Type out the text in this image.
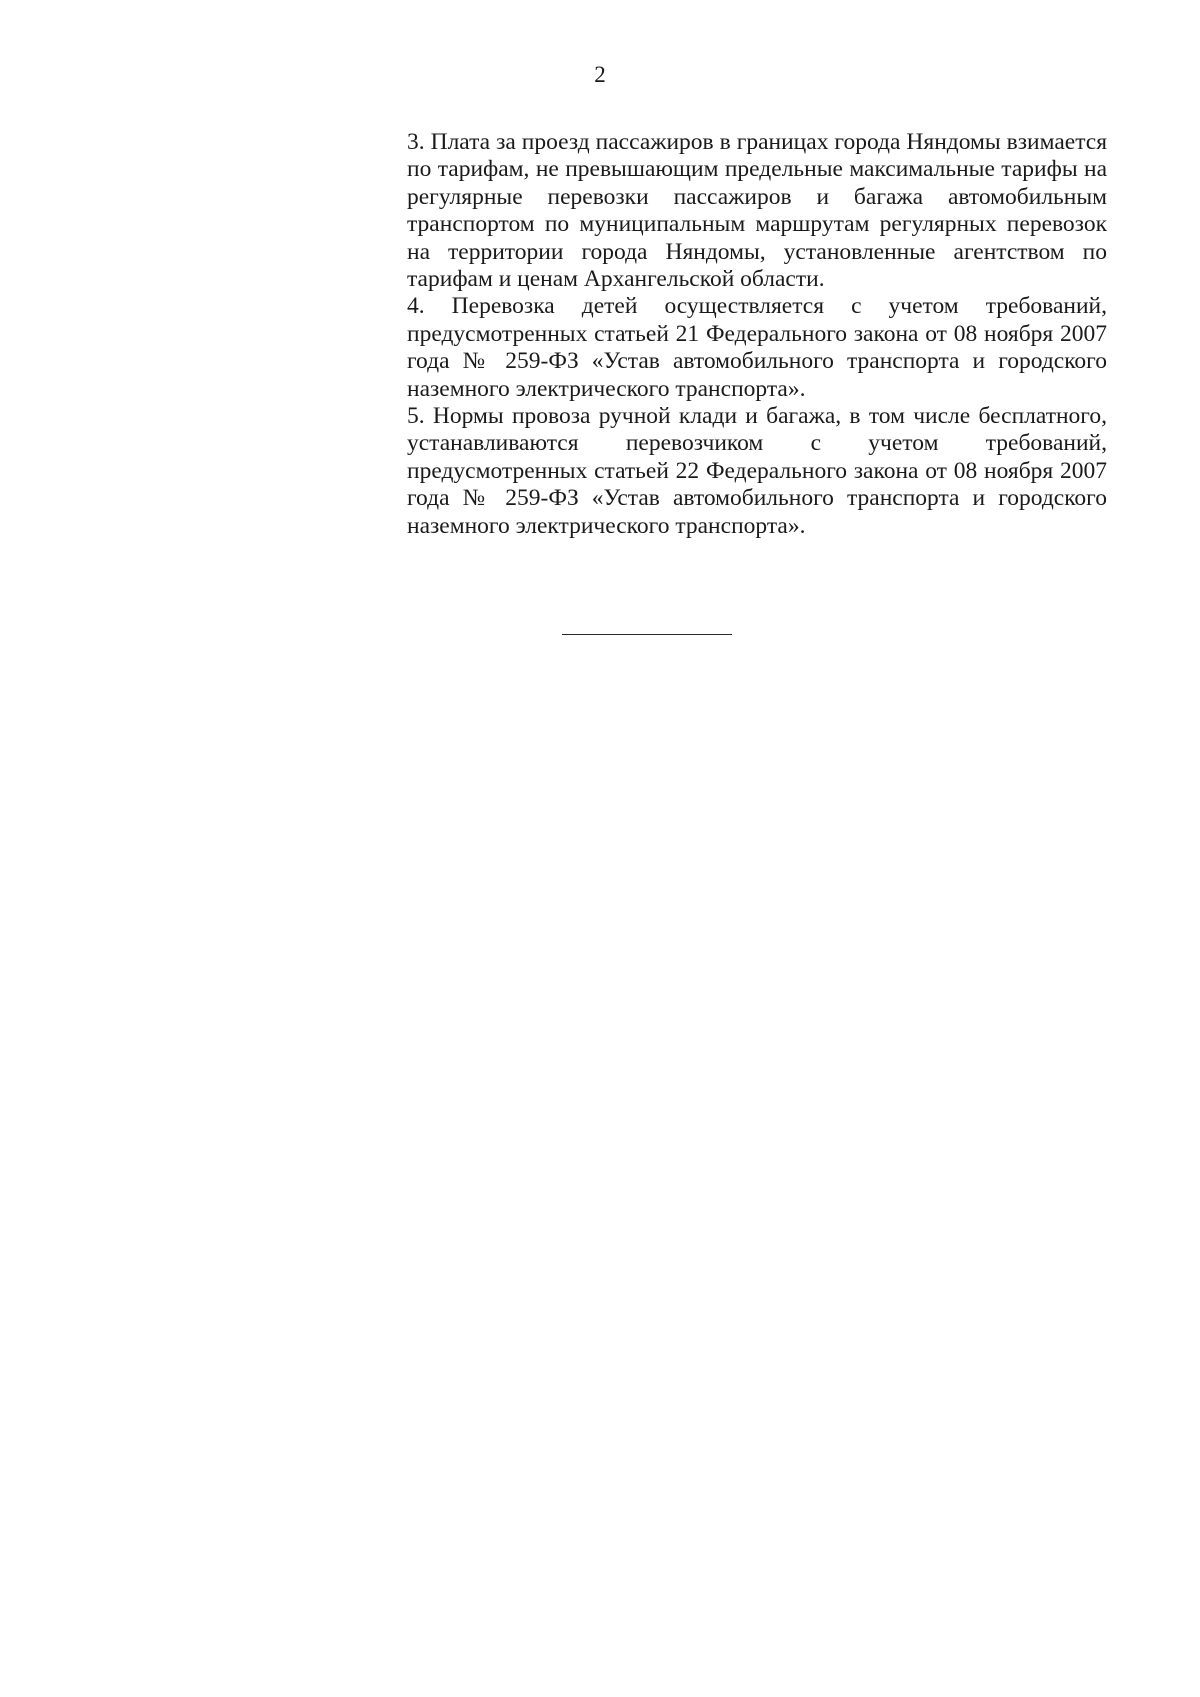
2

3. Плата за проезд пассажиров в границах города Няндомы взимается по тарифам, не превышающим предельные максимальные тарифы на регулярные перевозки пассажиров и багажа автомобильным транспортом по муниципальным маршрутам регулярных перевозок на территории города Няндомы, установленные агентством по тарифам и ценам Архангельской области.

4. Перевозка детей осуществляется с учетом требований, предусмотренных статьей 21 Федерального закона от 08 ноября 2007 года № 259-ФЗ «Устав автомобильного транспорта и городского наземного электрического транспорта».

5. Нормы провоза ручной клади и багажа, в том числе бесплатного, устанавливаются перевозчиком с учетом требований, предусмотренных статьей 22 Федерального закона от 08 ноября 2007 года № 259-ФЗ «Устав автомобильного транспорта и городского наземного электрического транспорта».
